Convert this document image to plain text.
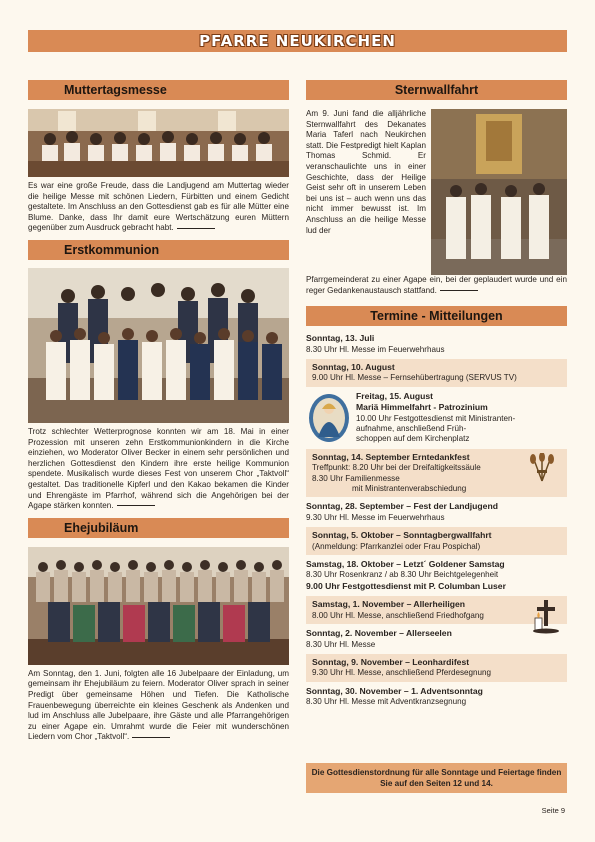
PFARRE NEUKIRCHEN
Muttertagsmesse
Es war eine große Freude, dass die Landjugend am Muttertag wieder die heilige Messe mit schönen Liedern, Fürbitten und einem Gedicht gestaltete. Im Anschluss an den Gottesdienst gab es für alle Mütter eine Blume. Danke, dass Ihr damit eure Wertschätzung euren Müttern gegenüber zum Ausdruck gebracht habt.
Erstkommunion
Trotz schlechter Wetterprognose konnten wir am 18. Mai in einer Prozession mit unseren zehn Erstkommunionkindern in die Kirche einziehen, wo Moderator Oliver Becker in einem sehr persönlichen und herzlichen Gottesdienst den Kindern ihre erste heilige Kommunion spendete. Musikalisch wurde dieses Fest von unserem Chor „Taktvoll“ gestaltet. Das traditionelle Kipferl und den Kakao bekamen die Kinder und Ehrengäste im Pfarrhof, während sich die Angehörigen bei der Agape stärken konnten.
Ehejubiläum
Am Sonntag, den 1. Juni, folgten alle 16 Jubelpaare der Einladung, um gemeinsam ihr Ehejubiläum zu feiern. Moderator Oliver sprach in seiner Predigt über gemeinsame Höhen und Tiefen. Die Katholische Frauenbewegung überreichte ein kleines Geschenk als Andenken und lud im Anschluss alle Jubelpaare, ihre Gäste und alle Pfarrangehörigen zu einer Agape ein. Umrahmt wurde die Feier mit wunderschönen Liedern vom Chor „Taktvoll“.
Sternwallfahrt
Am 9. Juni fand die alljährliche Sternwallfahrt des Dekanates Maria Taferl nach Neukirchen statt. Die Festpredigt hielt Kaplan Thomas Schmid. Er veranschaulichte uns in einer Geschichte, dass der Heilige Geist sehr oft in unserem Leben bei uns ist – auch wenn uns das nicht immer bewusst ist. Im Anschluss an die heilige Messe lud der
Pfarrgemeinderat zu einer Agape ein, bei der geplaudert wurde und ein reger Gedankenaustausch stattfand.
Termine - Mitteilungen
Sonntag, 13. Juli
8.30 Uhr Hl. Messe im Feuerwehrhaus
Sonntag, 10. August
9.00 Uhr Hl. Messe – Fernsehübertragung (SERVUS TV)
Freitag, 15. August
Mariä Himmelfahrt - Patrozinium
10.00 Uhr Festgottesdienst mit Ministranten-
aufnahme, anschließend Früh-
schoppen auf dem Kirchenplatz
Sonntag, 14. September Erntedankfest
Treffpunkt: 8.20 Uhr bei der Dreifaltigkeitssäule
8.30 Uhr Familienmesse
mit Ministrantenverabschiedung
Sonntag, 28. September – Fest der Landjugend
9.30 Uhr Hl. Messe im Feuerwehrhaus
Sonntag, 5. Oktober – Sonntagbergwallfahrt
(Anmeldung: Pfarrkanzlei oder Frau Pospichal)
Samstag, 18. Oktober – Letzt´ Goldener Samstag
8.30 Uhr Rosenkranz / ab 8.30 Uhr Beichtgelegenheit
9.00 Uhr Festgottesdienst mit P. Columban Luser
Samstag, 1. November – Allerheiligen
8.00 Uhr Hl. Messe, anschließend Friedhofgang
Sonntag, 2. November – Allerseelen
8.30 Uhr Hl. Messe
Sonntag, 9. November – Leonhardifest
9.30 Uhr Hl. Messe, anschließend Pferdesegnung
Sonntag, 30. November – 1. Adventsonntag
8.30 Uhr Hl. Messe mit Adventkranzsegnung
Die Gottesdienstordnung für alle Sonntage und Feiertage finden Sie auf den Seiten 12 und 14.
Seite 9
